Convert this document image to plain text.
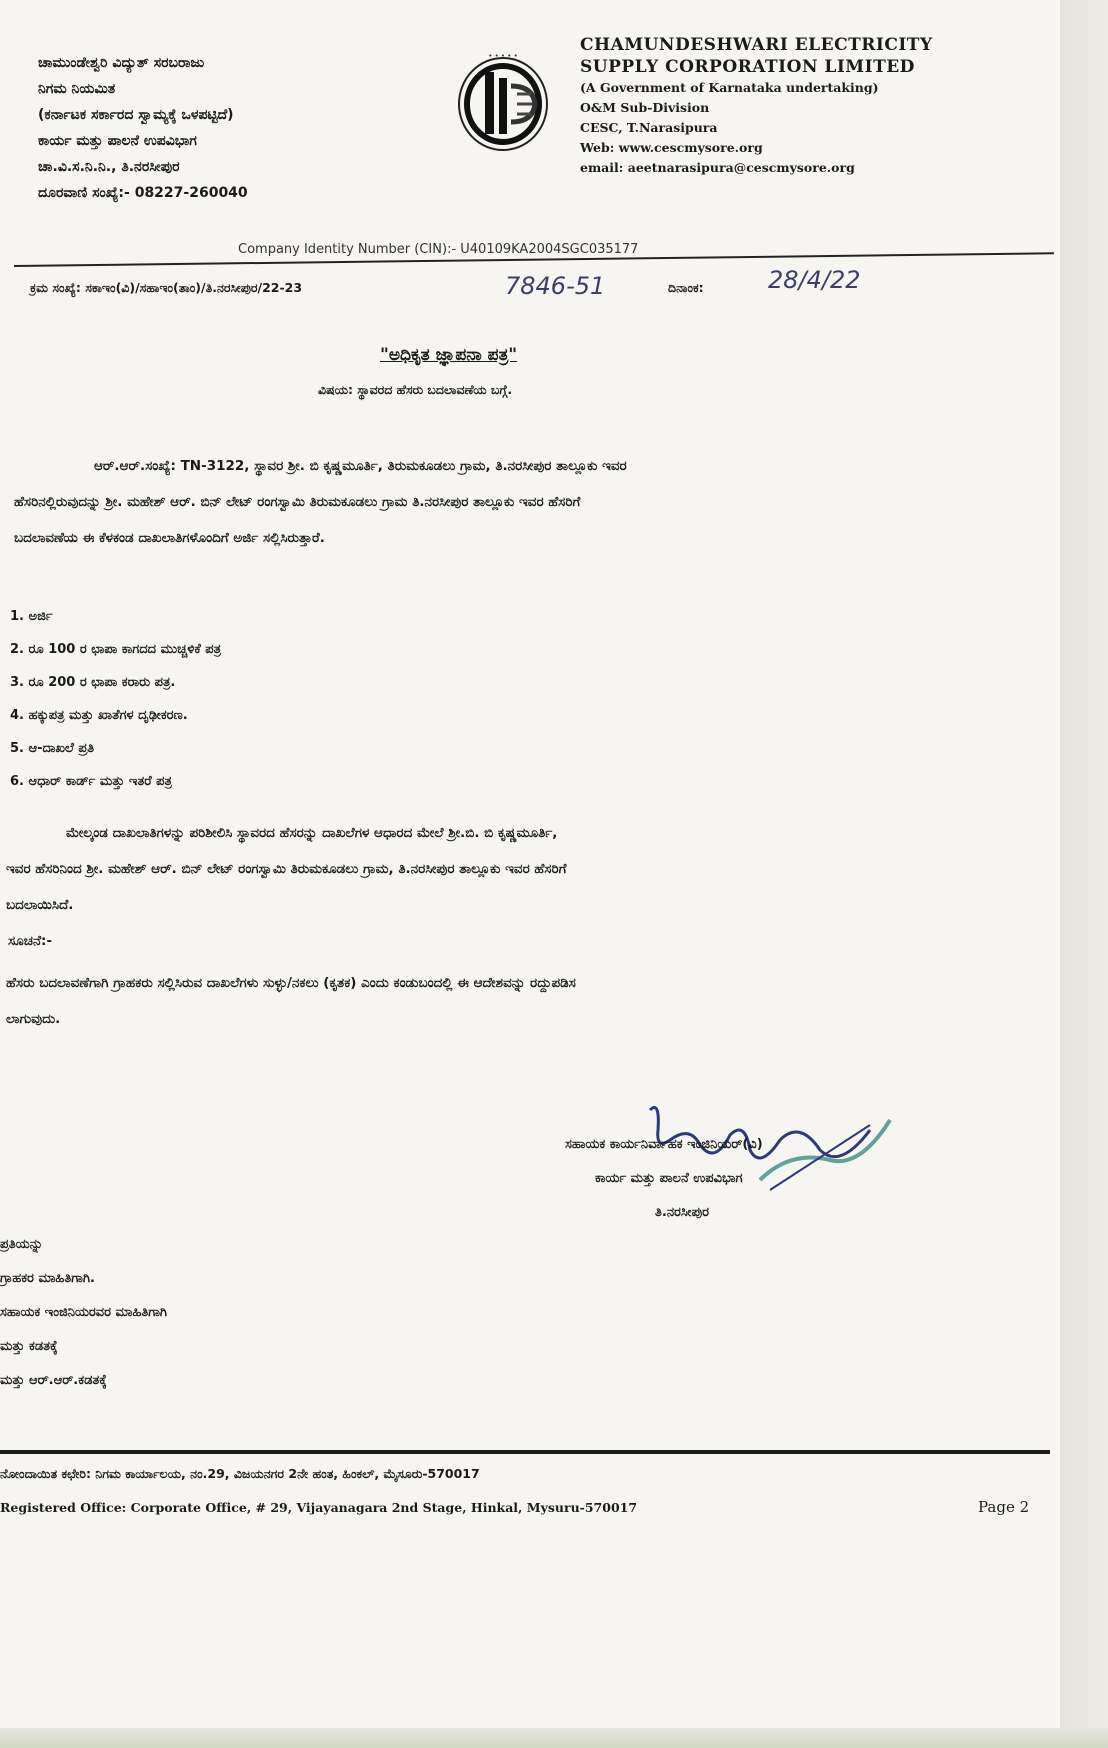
ಚಾಮುಂಡೇಶ್ವರಿ ವಿದ್ಯುತ್ ಸರಬರಾಜು
ನಿಗಮ ನಿಯಮಿತ
(ಕರ್ನಾಟಕ ಸರ್ಕಾರದ ಸ್ವಾಮ್ಯಕ್ಕೆ ಒಳಪಟ್ಟಿದೆ)
ಕಾರ್ಯ ಮತ್ತು ಪಾಲನೆ ಉಪವಿಭಾಗ
ಚಾ.ವಿ.ಸ.ನಿ.ನಿ., ತಿ.ನರಸೀಪುರ
ದೂರವಾಣಿ ಸಂಖ್ಯೆ:- 08227-260040
• • • • •
CHAMUNDESHWARI ELECTRICITY
SUPPLY CORPORATION LIMITED
(A Government of Karnataka undertaking)
O&M Sub-Division
CESC, T.Narasipura
Web: www.cescmysore.org
email: aeetnarasipura@cescmysore.org
Company Identity Number (CIN):- U40109KA2004SGC035177
ಕ್ರಮ ಸಂಖ್ಯೆ: ಸಕಾಇಂ(ವಿ)/ಸಹಾಇಂ(ತಾಂ)/ತಿ.ನರಸೀಪುರ/22-23	7846-51	ದಿನಾಂಕ:	28/4/22
"ಅಧಿಕೃತ ಜ್ಞಾಪನಾ ಪತ್ರ"
ವಿಷಯ: ಸ್ಥಾವರದ ಹೆಸರು ಬದಲಾವಣೆಯ ಬಗ್ಗೆ.
ಆರ್.ಆರ್.ಸಂಖ್ಯೆ: TN-3122, ಸ್ಥಾವರ ಶ್ರೀ. ಬಿ ಕೃಷ್ಣಮೂರ್ತಿ, ತಿರುಮಕೂಡಲು ಗ್ರಾಮ, ತಿ.ನರಸೀಪುರ ತಾಲ್ಲೂಕು ಇವರ
ಹೆಸರಿನಲ್ಲಿರುವುದನ್ನು ಶ್ರೀ. ಮಹೇಶ್ ಆರ್. ಬಿನ್ ಲೇಟ್ ರಂಗಸ್ವಾಮಿ ತಿರುಮಕೂಡಲು ಗ್ರಾಮ ತಿ.ನರಸೀಪುರ ತಾಲ್ಲೂಕು ಇವರ ಹೆಸರಿಗೆ
ಬದಲಾವಣೆಯ ಈ ಕೆಳಕಂಡ ದಾಖಲಾತಿಗಳೊಂದಿಗೆ ಅರ್ಜಿ ಸಲ್ಲಿಸಿರುತ್ತಾರೆ.
1. ಅರ್ಜಿ
2. ರೂ 100 ರ ಛಾಪಾ ಕಾಗದದ ಮುಚ್ಚಳಿಕೆ ಪತ್ರ
3. ರೂ 200 ರ ಛಾಪಾ ಕರಾರು ಪತ್ರ.
4. ಹಕ್ಕುಪತ್ರ ಮತ್ತು ಖಾತೆಗಳ ದೃಢೀಕರಣ.
5. ಆ-ದಾಖಲೆ ಪ್ರತಿ
6. ಆಧಾರ್ ಕಾರ್ಡ್ ಮತ್ತು ಇತರೆ ಪತ್ರ
ಮೇಲ್ಕಂಡ ದಾಖಲಾತಿಗಳನ್ನು ಪರಿಶೀಲಿಸಿ ಸ್ಥಾವರದ ಹೆಸರನ್ನು ದಾಖಲೆಗಳ ಆಧಾರದ ಮೇಲೆ ಶ್ರೀ.ಬಿ. ಬಿ ಕೃಷ್ಣಮೂರ್ತಿ,
ಇವರ ಹೆಸರಿನಿಂದ ಶ್ರೀ. ಮಹೇಶ್ ಆರ್. ಬಿನ್ ಲೇಟ್ ರಂಗಸ್ವಾಮಿ ತಿರುಮಕೂಡಲು ಗ್ರಾಮ, ತಿ.ನರಸೀಪುರ ತಾಲ್ಲೂಕು ಇವರ ಹೆಸರಿಗೆ
ಬದಲಾಯಿಸಿದೆ.
ಸೂಚನೆ:-
ಹೆಸರು ಬದಲಾವಣೆಗಾಗಿ ಗ್ರಾಹಕರು ಸಲ್ಲಿಸಿರುವ ದಾಖಲೆಗಳು ಸುಳ್ಳು/ನಕಲು (ಕೃತಕ) ಎಂದು ಕಂಡುಬಂದಲ್ಲಿ ಈ ಆದೇಶವನ್ನು ರದ್ದುಪಡಿಸ
ಲಾಗುವುದು.
ಸಹಾಯಕ ಕಾರ್ಯನಿರ್ವಾಹಕ ಇಂಜಿನಿಯರ್(ವಿ)
ಕಾರ್ಯ ಮತ್ತು ಪಾಲನೆ ಉಪವಿಭಾಗ
ತಿ.ನರಸೀಪುರ
ಪ್ರತಿಯನ್ನು
ಗ್ರಾಹಕರ ಮಾಹಿತಿಗಾಗಿ.
ಸಹಾಯಕ ಇಂಜಿನಿಯರವರ ಮಾಹಿತಿಗಾಗಿ
ಮತ್ತು ಕಡತಕ್ಕೆ
ಮತ್ತು ಆರ್.ಆರ್.ಕಡತಕ್ಕೆ
ನೋಂದಾಯಿತ ಕಛೇರಿ: ನಿಗಮ ಕಾರ್ಯಾಲಯ, ನಂ.29, ವಿಜಯನಗರ 2ನೇ ಹಂತ, ಹಿಂಕಲ್, ಮೈಸೂರು-570017
Registered Office: Corporate Office, # 29, Vijayanagara 2nd Stage, Hinkal, Mysuru-570017	Page 2
